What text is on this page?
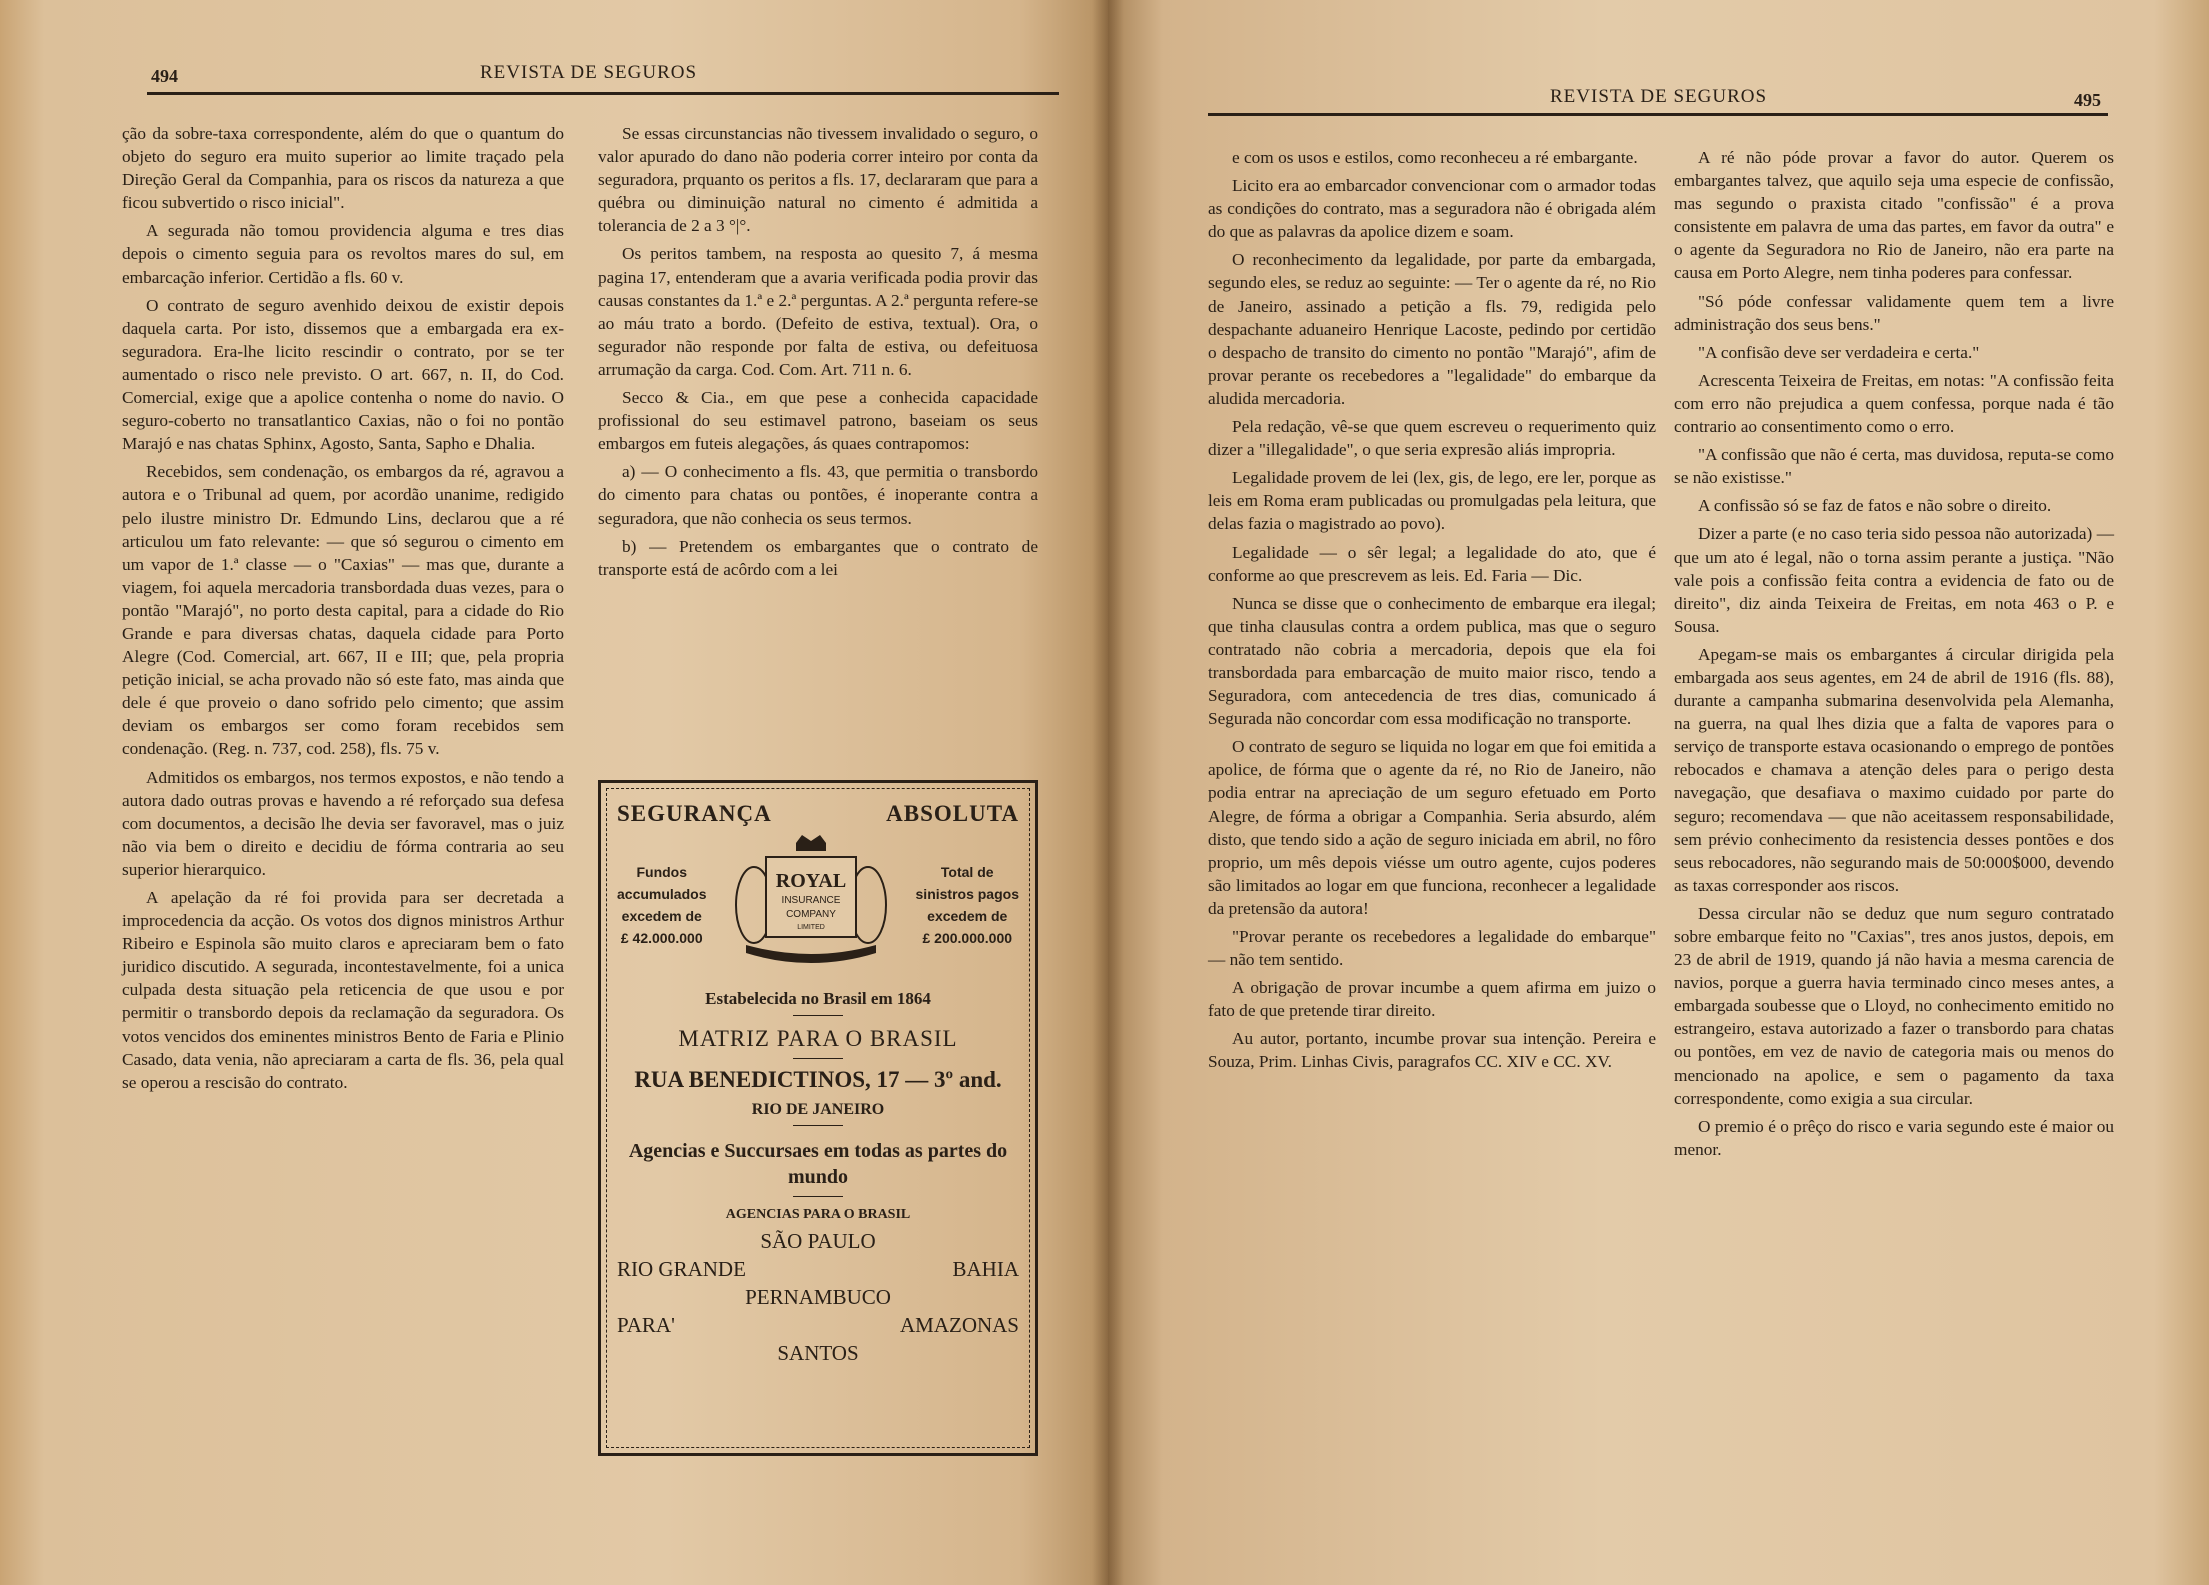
494	REVISTA DE SEGUROS

ção da sobre-taxa correspondente, além do que o quantum do objeto do seguro era muito superior ao limite traçado pela Direção Geral da Companhia, para os riscos da natureza a que ficou subvertido o risco inicial".

A segurada não tomou providencia alguma e tres dias depois o cimento seguia para os revoltos mares do sul, em embarcação inferior. Certidão a fls. 60 v.

O contrato de seguro avenhido deixou de existir depois daquela carta. Por isto, dissemos que a embargada era ex-seguradora. Era-lhe licito rescindir o contrato, por se ter aumentado o risco nele previsto. O art. 667, n. II, do Cod. Comercial, exige que a apolice contenha o nome do navio. O seguro-coberto no transatlantico Caxias, não o foi no pontão Marajó e nas chatas Sphinx, Agosto, Santa, Sapho e Dhalia.

Recebidos, sem condenação, os embargos da ré, agravou a autora e o Tribunal ad quem, por acordão unanime, redigido pelo ilustre ministro Dr. Edmundo Lins, declarou que a ré articulou um fato relevante: — que só segurou o cimento em um vapor de 1.ª classe — o "Caxias" — mas que, durante a viagem, foi aquela mercadoria transbordada duas vezes, para o pontão "Marajó", no porto desta capital, para a cidade do Rio Grande e para diversas chatas, daquela cidade para Porto Alegre (Cod. Comercial, art. 667, II e III; que, pela propria petição inicial, se acha provado não só este fato, mas ainda que dele é que proveio o dano sofrido pelo cimento; que assim deviam os embargos ser como foram recebidos sem condenação. (Reg. n. 737, cod. 258), fls. 75 v.

Admitidos os embargos, nos termos expostos, e não tendo a autora dado outras provas e havendo a ré reforçado sua defesa com documentos, a decisão lhe devia ser favoravel, mas o juiz não via bem o direito e decidiu de fórma contraria ao seu superior hierarquico.

A apelação da ré foi provida para ser decretada a improcedencia da acção. Os votos dos dignos ministros Arthur Ribeiro e Espinola são muito claros e apreciaram bem o fato juridico discutido. A segurada, incontestavelmente, foi a unica culpada desta situação pela reticencia de que usou e por permitir o transbordo depois da reclamação da seguradora. Os votos vencidos dos eminentes ministros Bento de Faria e Plinio Casado, data venia, não apreciaram a carta de fls. 36, pela qual se operou a rescisão do contrato.

Se essas circunstancias não tivessem invalidado o seguro, o valor apurado do dano não poderia correr inteiro por conta da seguradora, prquanto os peritos a fls. 17, declararam que para a québra ou diminuição natural no cimento é admitida a tolerancia de 2 a 3 °|°.

Os peritos tambem, na resposta ao quesito 7, á mesma pagina 17, entenderam que a avaria verificada podia provir das causas constantes da 1.ª e 2.ª perguntas. A 2.ª pergunta refere-se ao máu trato a bordo. (Defeito de estiva, textual). Ora, o segurador não responde por falta de estiva, ou defeituosa arrumação da carga. Cod. Com. Art. 711 n. 6.

Secco & Cia., em que pese a conhecida capacidade profissional do seu estimavel patrono, baseiam os seus embargos em futeis alegações, ás quaes contrapomos:

a) — O conhecimento a fls. 43, que permitia o transbordo do cimento para chatas ou pontões, é inoperante contra a seguradora, que não conhecia os seus termos.

b) — Pretendem os embargantes que o contrato de transporte está de acôrdo com a lei

SEGURANÇA	ABSOLUTA
Fundos
accumulados
excedem de
£ 42.000.000
ROYAL
INSURANCE
COMPANY
LIMITED
Total de
sinistros pagos
excedem de
£ 200.000.000
Estabelecida no Brasil em 1864
MATRIZ PARA O BRASIL
RUA BENEDICTINOS, 17 — 3º and.
RIO DE JANEIRO
Agencias e Succursaes em todas as partes do mundo
AGENCIAS PARA O BRASIL
SÃO PAULO
RIO GRANDE	BAHIA
PERNAMBUCO
PARA'	AMAZONAS
SANTOS
REVISTA DE SEGUROS	495

e com os usos e estilos, como reconheceu a ré embargante.

Licito era ao embarcador convencionar com o armador todas as condições do contrato, mas a seguradora não é obrigada além do que as palavras da apolice dizem e soam.

O reconhecimento da legalidade, por parte da embargada, segundo eles, se reduz ao seguinte: — Ter o agente da ré, no Rio de Janeiro, assinado a petição a fls. 79, redigida pelo despachante aduaneiro Henrique Lacoste, pedindo por certidão o despacho de transito do cimento no pontão "Marajó", afim de provar perante os recebedores a "legalidade" do embarque da aludida mercadoria.

Pela redação, vê-se que quem escreveu o requerimento quiz dizer a "illegalidade", o que seria expresão aliás impropria.

Legalidade provem de lei (lex, gis, de lego, ere ler, porque as leis em Roma eram publicadas ou promulgadas pela leitura, que delas fazia o magistrado ao povo).

Legalidade — o sêr legal; a legalidade do ato, que é conforme ao que prescrevem as leis. Ed. Faria — Dic.

Nunca se disse que o conhecimento de embarque era ilegal; que tinha clausulas contra a ordem publica, mas que o seguro contratado não cobria a mercadoria, depois que ela foi transbordada para embarcação de muito maior risco, tendo a Seguradora, com antecedencia de tres dias, comunicado á Segurada não concordar com essa modificação no transporte.

O contrato de seguro se liquida no logar em que foi emitida a apolice, de fórma que o agente da ré, no Rio de Janeiro, não podia entrar na apreciação de um seguro efetuado em Porto Alegre, de fórma a obrigar a Companhia. Seria absurdo, além disto, que tendo sido a ação de seguro iniciada em abril, no fôro proprio, um mês depois viésse um outro agente, cujos poderes são limitados ao logar em que funciona, reconhecer a legalidade da pretensão da autora!

"Provar perante os recebedores a legalidade do embarque" — não tem sentido.

A obrigação de provar incumbe a quem afirma em juizo o fato de que pretende tirar direito.

Au autor, portanto, incumbe provar sua intenção. Pereira e Souza, Prim. Linhas Civis, paragrafos CC. XIV e CC. XV.

A ré não póde provar a favor do autor. Querem os embargantes talvez, que aquilo seja uma especie de confissão, mas segundo o praxista citado "confissão" é a prova consistente em palavra de uma das partes, em favor da outra" e o agente da Seguradora no Rio de Janeiro, não era parte na causa em Porto Alegre, nem tinha poderes para confessar.

"Só póde confessar validamente quem tem a livre administração dos seus bens."

"A confisão deve ser verdadeira e certa."

Acrescenta Teixeira de Freitas, em notas: "A confissão feita com erro não prejudica a quem confessa, porque nada é tão contrario ao consentimento como o erro.

"A confissão que não é certa, mas duvidosa, reputa-se como se não existisse."

A confissão só se faz de fatos e não sobre o direito.

Dizer a parte (e no caso teria sido pessoa não autorizada) — que um ato é legal, não o torna assim perante a justiça. "Não vale pois a confissão feita contra a evidencia de fato ou de direito", diz ainda Teixeira de Freitas, em nota 463 o P. e Sousa.

Apegam-se mais os embargantes á circular dirigida pela embargada aos seus agentes, em 24 de abril de 1916 (fls. 88), durante a campanha submarina desenvolvida pela Alemanha, na guerra, na qual lhes dizia que a falta de vapores para o serviço de transporte estava ocasionando o emprego de pontões rebocados e chamava a atenção deles para o perigo desta navegação, que desafiava o maximo cuidado por parte do seguro; recomendava — que não aceitassem responsabilidade, sem prévio conhecimento da resistencia desses pontões e dos seus rebocadores, não segurando mais de 50:000$000, devendo as taxas corresponder aos riscos.

Dessa circular não se deduz que num seguro contratado sobre embarque feito no "Caxias", tres anos justos, depois, em 23 de abril de 1919, quando já não havia a mesma carencia de navios, porque a guerra havia terminado cinco meses antes, a embargada soubesse que o Lloyd, no conhecimento emitido no estrangeiro, estava autorizado a fazer o transbordo para chatas ou pontões, em vez de navio de categoria mais ou menos do mencionado na apolice, e sem o pagamento da taxa correspondente, como exigia a sua circular.

O premio é o prêço do risco e varia segundo este é maior ou menor.
